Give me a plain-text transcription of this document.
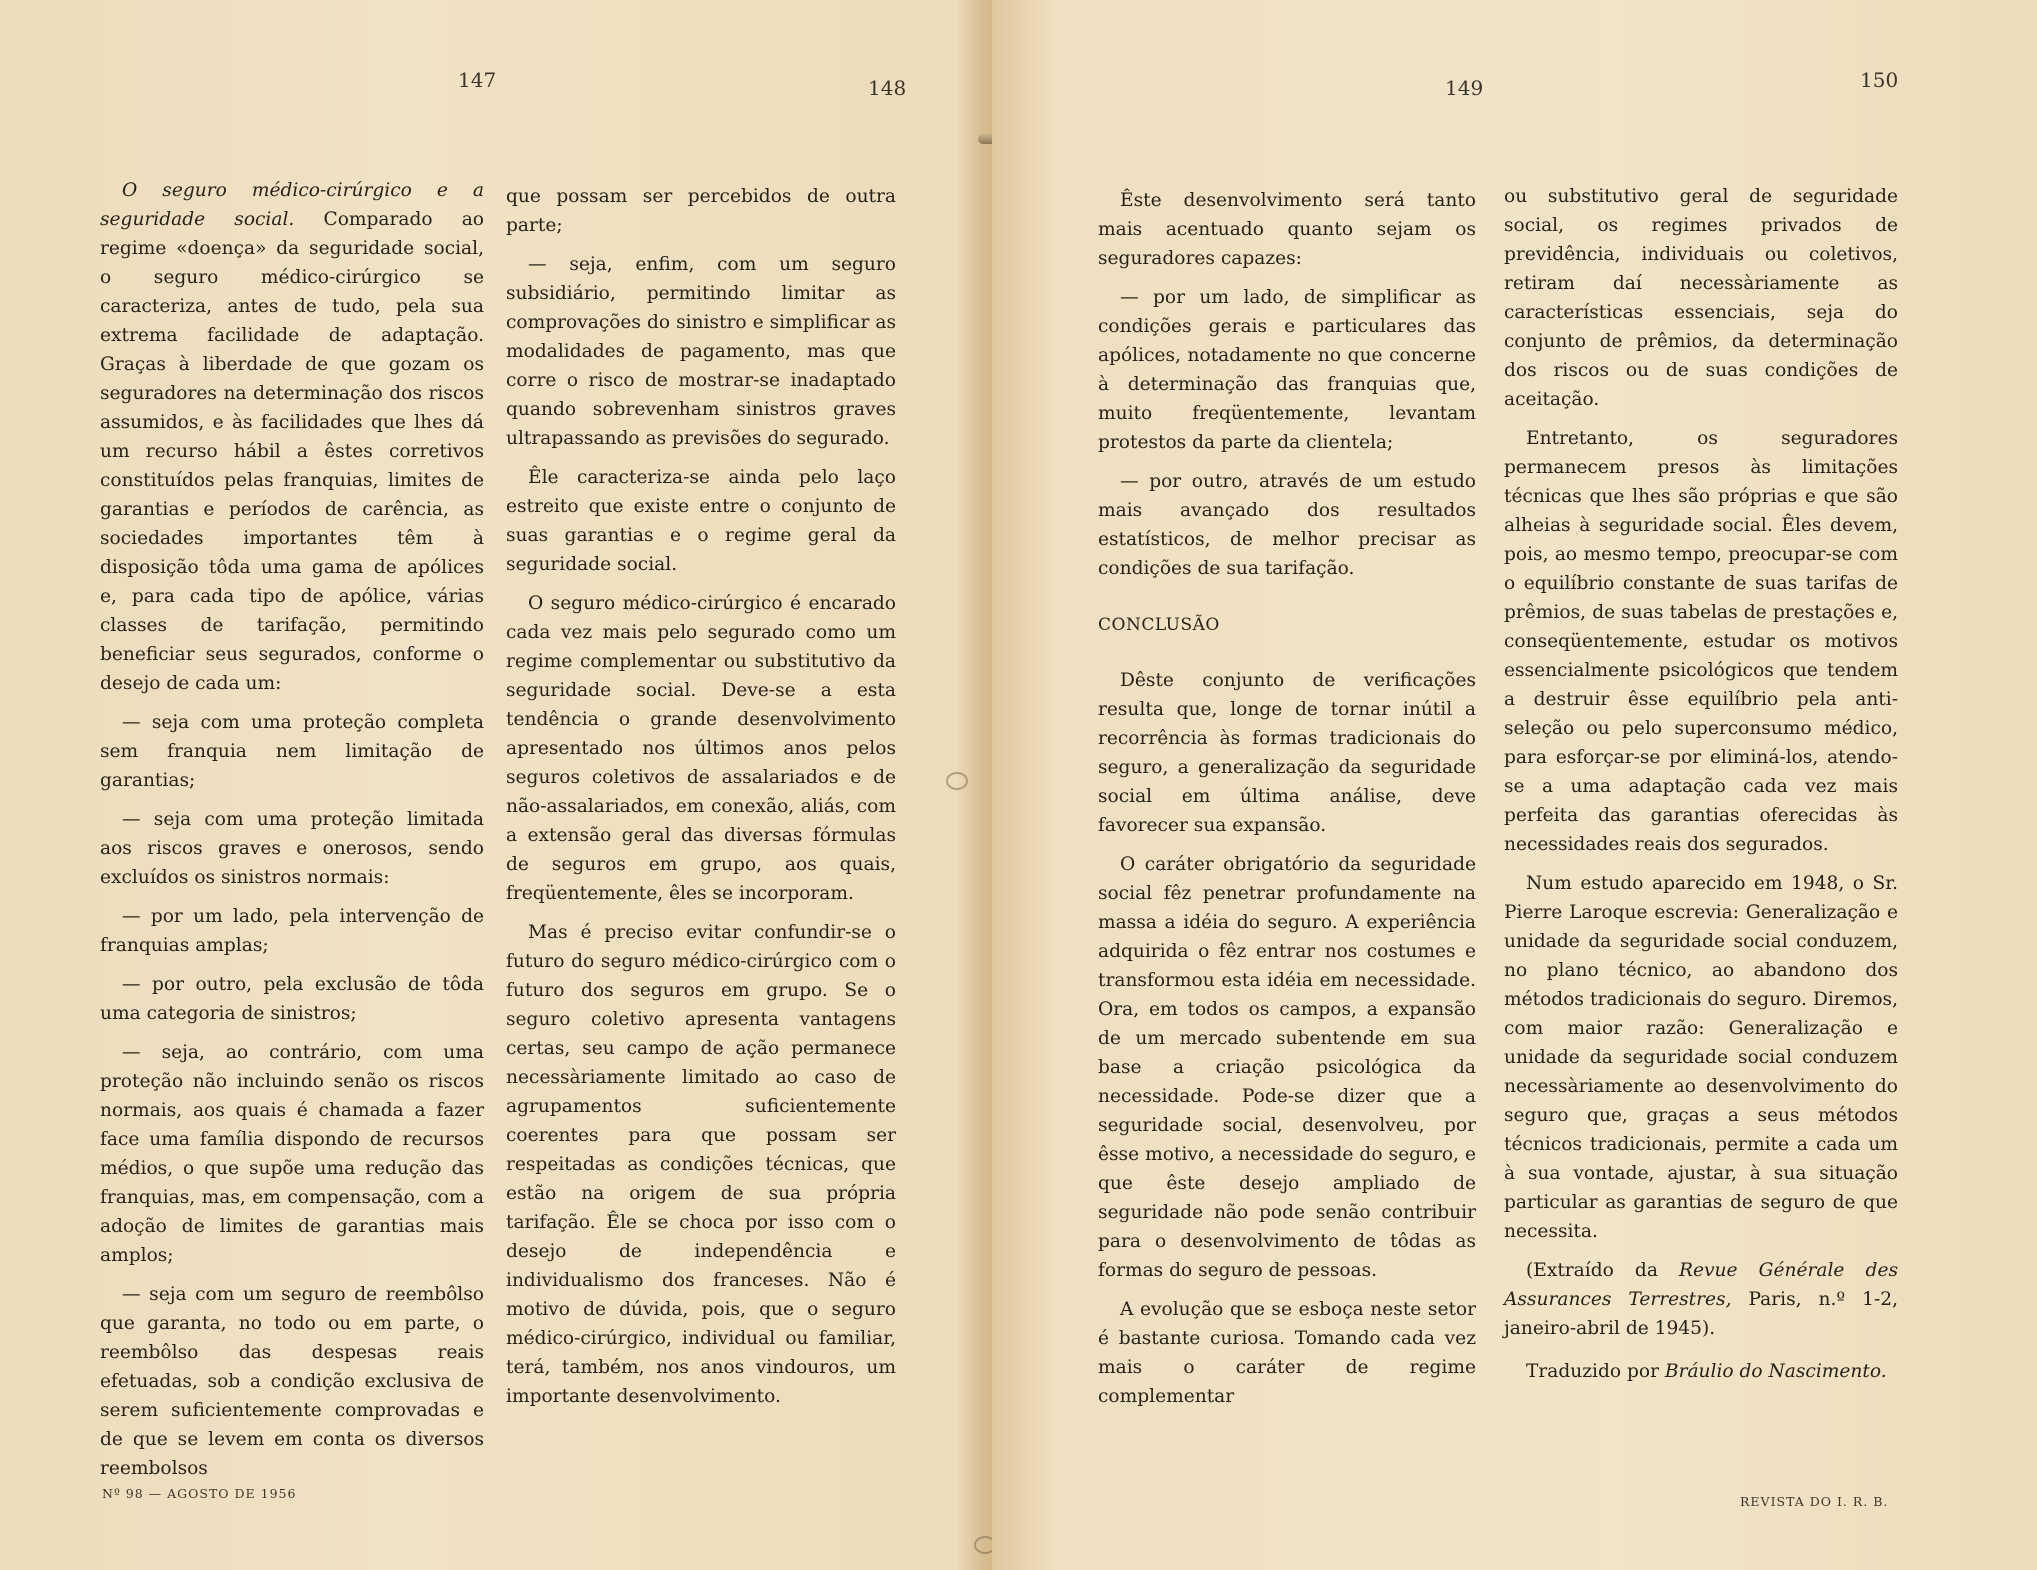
147	148

O seguro médico-cirúrgico e a seguridade social. Comparado ao regime «doença» da seguridade social, o seguro médico-cirúrgico se caracteriza, antes de tudo, pela sua extrema facilidade de adaptação. Graças à liberdade de que gozam os seguradores na determinação dos riscos assumidos, e às facilidades que lhes dá um recurso hábil a êstes corretivos constituídos pelas franquias, limites de garantias e períodos de carência, as sociedades importantes têm à disposição tôda uma gama de apólices e, para cada tipo de apólice, várias classes de tarifação, permitindo beneficiar seus segurados, conforme o desejo de cada um:

— seja com uma proteção completa sem franquia nem limitação de garantias;

— seja com uma proteção limitada aos riscos graves e onerosos, sendo excluídos os sinistros normais:

— por um lado, pela intervenção de franquias amplas;

— por outro, pela exclusão de tôda uma categoria de sinistros;

— seja, ao contrário, com uma proteção não incluindo senão os riscos normais, aos quais é chamada a fazer face uma família dispondo de recursos médios, o que supõe uma redução das franquias, mas, em compensação, com a adoção de limites de garantias mais amplos;

— seja com um seguro de reembôlso que garanta, no todo ou em parte, o reembôlso das despesas reais efetuadas, sob a condição exclusiva de serem suficientemente comprovadas e de que se levem em conta os diversos reembolsos

que possam ser percebidos de outra parte;

— seja, enfim, com um seguro subsidiário, permitindo limitar as comprovações do sinistro e simplificar as modalidades de pagamento, mas que corre o risco de mostrar-se inadaptado quando sobrevenham sinistros graves ultrapassando as previsões do segurado.

Êle caracteriza-se ainda pelo laço estreito que existe entre o conjunto de suas garantias e o regime geral da seguridade social.

O seguro médico-cirúrgico é encarado cada vez mais pelo segurado como um regime complementar ou substitutivo da seguridade social. Deve-se a esta tendência o grande desenvolvimento apresentado nos últimos anos pelos seguros coletivos de assalariados e de não-assalariados, em conexão, aliás, com a extensão geral das diversas fórmulas de seguros em grupo, aos quais, freqüentemente, êles se incorporam.

Mas é preciso evitar confundir-se o futuro do seguro médico-cirúrgico com o futuro dos seguros em grupo. Se o seguro coletivo apresenta vantagens certas, seu campo de ação permanece necessàriamente limitado ao caso de agrupamentos suficientemente coerentes para que possam ser respeitadas as condições técnicas, que estão na origem de sua própria tarifação. Êle se choca por isso com o desejo de independência e individualismo dos franceses. Não é motivo de dúvida, pois, que o seguro médico-cirúrgico, individual ou familiar, terá, também, nos anos vindouros, um importante desenvolvimento.

Nº 98 — AGOSTO DE 1956
149	150

Êste desenvolvimento será tanto mais acentuado quanto sejam os seguradores capazes:

— por um lado, de simplificar as condições gerais e particulares das apólices, notadamente no que concerne à determinação das franquias que, muito freqüentemente, levantam protestos da parte da clientela;

— por outro, através de um estudo mais avançado dos resultados estatísticos, de melhor precisar as condições de sua tarifação.

CONCLUSÃO

Dêste conjunto de verificações resulta que, longe de tornar inútil a recorrência às formas tradicionais do seguro, a generalização da seguridade social em última análise, deve favorecer sua expansão.

O caráter obrigatório da seguridade social fêz penetrar profundamente na massa a idéia do seguro. A experiência adquirida o fêz entrar nos costumes e transformou esta idéia em necessidade. Ora, em todos os campos, a expansão de um mercado subentende em sua base a criação psicológica da necessidade. Pode-se dizer que a seguridade social, desenvolveu, por êsse motivo, a necessidade do seguro, e que êste desejo ampliado de seguridade não pode senão contribuir para o desenvolvimento de tôdas as formas do seguro de pessoas.

A evolução que se esboça neste setor é bastante curiosa. Tomando cada vez mais o caráter de regime complementar

ou substitutivo geral de seguridade social, os regimes privados de previdência, individuais ou coletivos, retiram daí necessàriamente as características essenciais, seja do conjunto de prêmios, da determinação dos riscos ou de suas condições de aceitação.

Entretanto, os seguradores permanecem presos às limitações técnicas que lhes são próprias e que são alheias à seguridade social. Êles devem, pois, ao mesmo tempo, preocupar-se com o equilíbrio constante de suas tarifas de prêmios, de suas tabelas de prestações e, conseqüentemente, estudar os motivos essencialmente psicológicos que tendem a destruir êsse equilíbrio pela anti-seleção ou pelo superconsumo médico, para esforçar-se por eliminá-los, atendo-se a uma adaptação cada vez mais perfeita das garantias oferecidas às necessidades reais dos segurados.

Num estudo aparecido em 1948, o Sr. Pierre Laroque escrevia: Generalização e unidade da seguridade social conduzem, no plano técnico, ao abandono dos métodos tradicionais do seguro. Diremos, com maior razão: Generalização e unidade da seguridade social conduzem necessàriamente ao desenvolvimento do seguro que, graças a seus métodos técnicos tradicionais, permite a cada um à sua vontade, ajustar, à sua situação particular as garantias de seguro de que necessita.

(Extraído da Revue Générale des Assurances Terrestres, Paris, n.º 1-2, janeiro-abril de 1945).

Traduzido por Bráulio do Nascimento.

REVISTA DO I. R. B.
